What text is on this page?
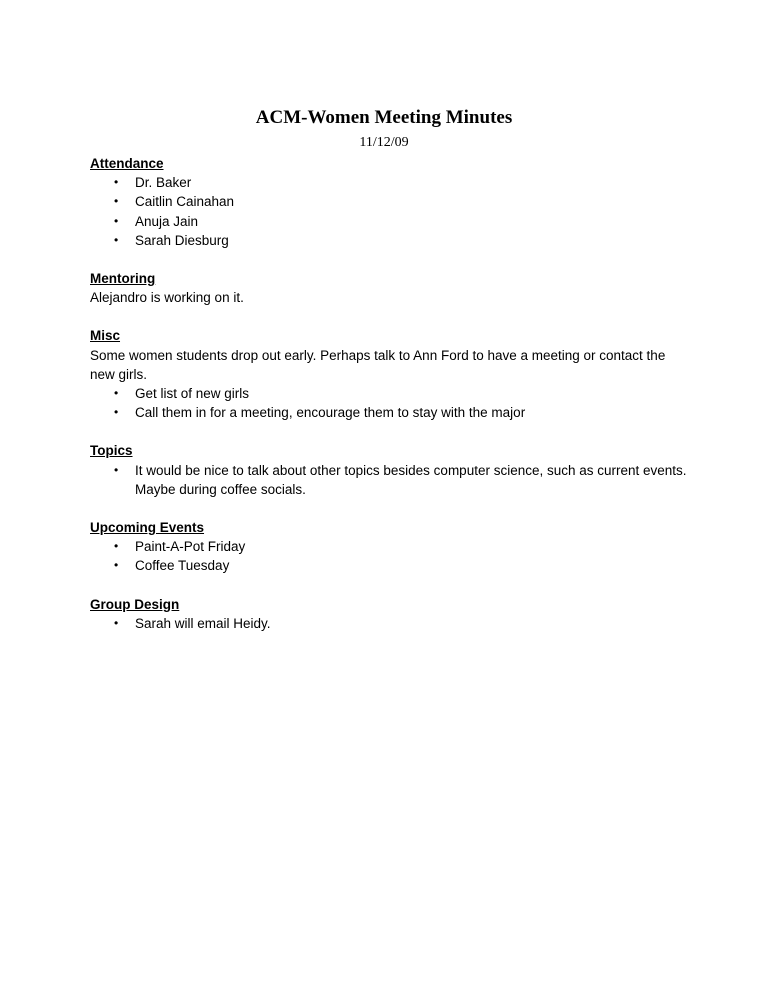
ACM-Women Meeting Minutes
11/12/09
Attendance
• Dr. Baker
• Caitlin Cainahan
• Anuja Jain
• Sarah Diesburg
Mentoring
Alejandro is working on it.
Misc
Some women students drop out early. Perhaps talk to Ann Ford to have a meeting or contact the new girls.
• Get list of new girls
• Call them in for a meeting, encourage them to stay with the major
Topics
• It would be nice to talk about other topics besides computer science, such as current events. Maybe during coffee socials.
Upcoming Events
• Paint-A-Pot Friday
• Coffee Tuesday
Group Design
• Sarah will email Heidy.
